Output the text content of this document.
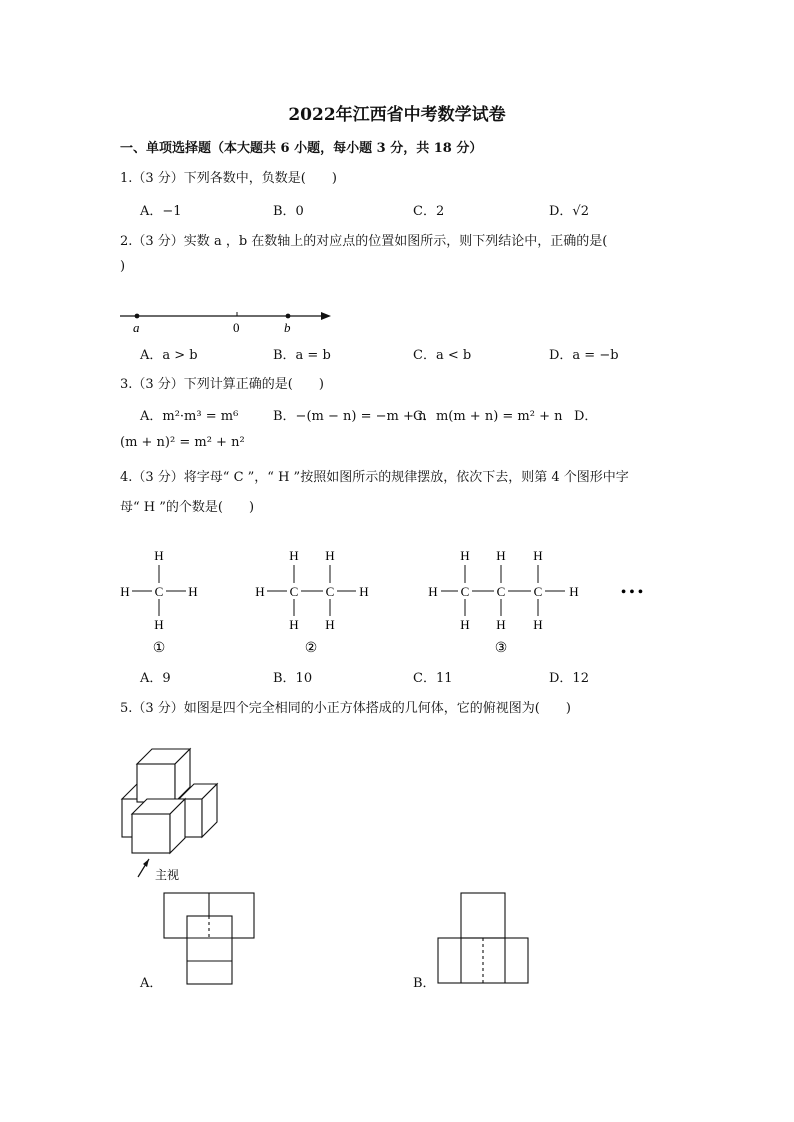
2022年江西省中考数学试卷
一、单项选择题（本大题共 6 小题，每小题 3 分，共 18 分）
1.（3 分）下列各数中，负数是(　　)
A．−1	B．0	C．2	D．√2
2.（3 分）实数 a ，b 在数轴上的对应点的位置如图所示，则下列结论中，正确的是(
)
a	0	b
A．a > b	B．a = b	C．a < b	D．a = −b
3.（3 分）下列计算正确的是(　　)
A．m²·m³ = m⁶	B．−(m − n) = −m + n
C．m(m + n) = m² + n D．
(m + n)² = m² + n²
4.（3 分）将字母“ C ”，“ H ”按照如图所示的规律摆放，依次下去，则第 4 个图形中字
母“ H ”的个数是(　　)
H C H
H
H
H C C H
H H
H H
H C C C H
H H H
H H H
①	②	③
• • •
A．9	B．10	C．11	D．12
5.（3 分）如图是四个完全相同的小正方体搭成的几何体，它的俯视图为(　　)
主视
A．	B．
